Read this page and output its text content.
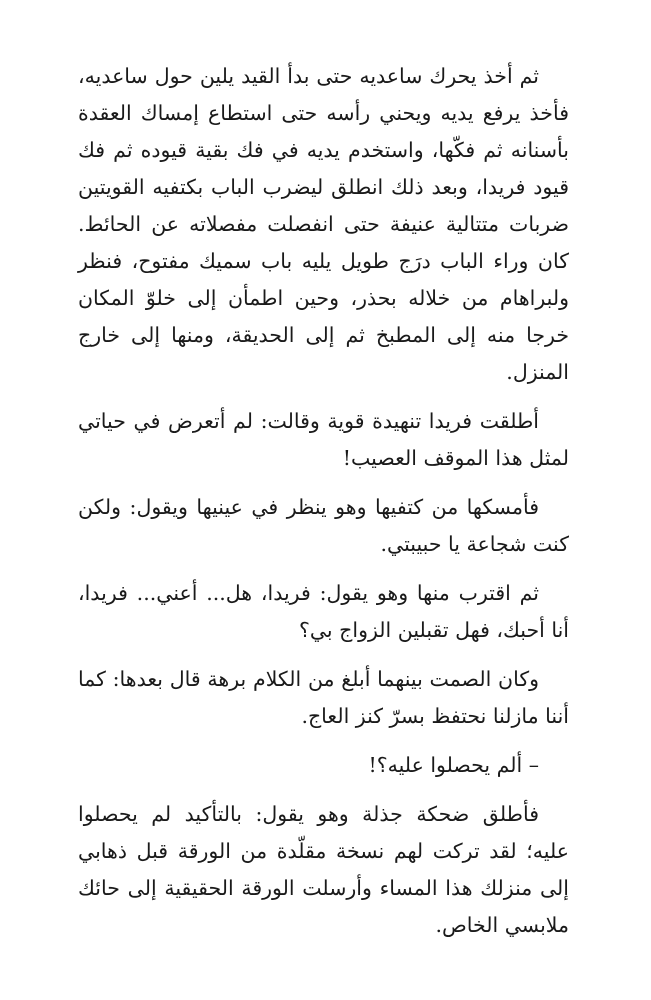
ثم أخذ يحرك ساعديه حتى بدأ القيد يلين حول ساعديه، فأخذ يرفع يديه ويحني رأسه حتى استطاع إمساك العقدة بأسنانه ثم فكّها، واستخدم يديه في فك بقية قيوده ثم فك قيود فريدا، وبعد ذلك انطلق ليضرب الباب بكتفيه القويتين ضربات متتالية عنيفة حتى انفصلت مفصلاته عن الحائط. كان وراء الباب درَج طويل يليه باب سميك مفتوح، فنظر ولبراهام من خلاله بحذر، وحين اطمأن إلى خلوّ المكان خرجا منه إلى المطبخ ثم إلى الحديقة، ومنها إلى خارج المنزل.

أطلقت فريدا تنهيدة قوية وقالت: لم أتعرض في حياتي لمثل هذا الموقف العصيب!

فأمسكها من كتفيها وهو ينظر في عينيها ويقول: ولكن كنت شجاعة يا حبيبتي.

ثم اقترب منها وهو يقول: فريدا، هل... أعني... فريدا، أنا أحبك، فهل تقبلين الزواج بي؟

وكان الصمت بينهما أبلغ من الكلام برهة قال بعدها: كما أننا مازلنا نحتفظ بسرّ كنز العاج.

– ألم يحصلوا عليه؟!

فأطلق ضحكة جذلة وهو يقول: بالتأكيد لم يحصلوا عليه؛ لقد تركت لهم نسخة مقلّدة من الورقة قبل ذهابي إلى منزلك هذا المساء وأرسلت الورقة الحقيقية إلى حائك ملابسي الخاص.
